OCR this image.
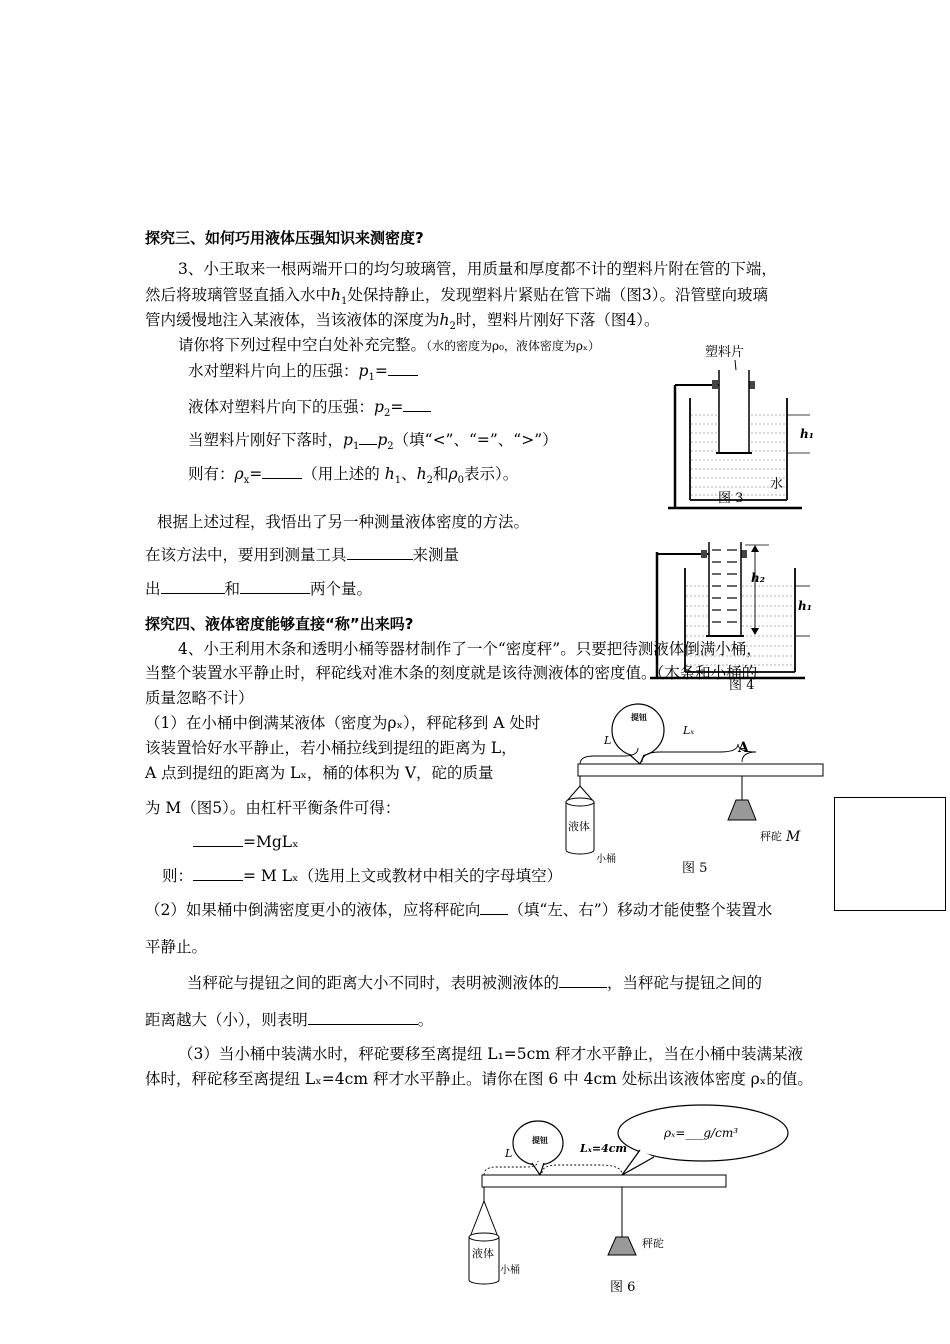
探究三、如何巧用液体压强知识来测密度?
3、小王取来一根两端开口的均匀玻璃管，用质量和厚度都不计的塑料片附在管的下端，
然后将玻璃管竖直插入水中$h_1$处保持静止，发现塑料片紧贴在管下端（图3）。沿管壁向玻璃
管内缓慢地注入某液体，当该液体的深度为$h_2$时，塑料片刚好下落（图4）。
请你将下列过程中空白处补充完整。（水的密度为ρ₀，液体密度为ρₓ）
水对塑料片向上的压强：$p_1=$
液体对塑料片向下的压强：$p_2=$
当塑料片刚好下落时，$p_1$ $p_2$（填“<”、“=”、“>”）
则有：$\rho_x=$	（用上述的 $h_1$、$h_2$和$\rho_0$表示）。
根据上述过程，我悟出了另一种测量液体密度的方法。
在该方法中，要用到测量工具	来测量
出	和	两个量。
塑料片
h₁
水
图 3
h₂
h₁
图 4
探究四、液体密度能够直接“称”出来吗?
4、小王利用木条和透明小桶等器材制作了一个“密度秤”。只要把待测液体倒满小桶，
当整个装置水平静止时，秤砣线对准木条的刻度就是该待测液体的密度值。（木条和小桶的
质量忽略不计）
（1）在小桶中倒满某液体（密度为ρₓ），秤砣移到 A 处时
该装置恰好水平静止，若小桶拉线到提纽的距离为 L，
A 点到提纽的距离为 Lₓ，桶的体积为 V，砣的质量
为 M（图5）。由杠杆平衡条件可得：
=MgLₓ
则：	= M Lₓ（选用上文或教材中相关的字母填空）
提钮
L
Lₓ
A
液体
小桶
秤砣 M
图 5
（2）如果桶中倒满密度更小的液体，应将秤砣向 （填“左、右”）移动才能使整个装置水
平静止。
当秤砣与提钮之间的距离大小不同时，表明被测液体的	，当秤砣与提钮之间的
距离越大（小），则表明	。
（3）当小桶中装满水时，秤砣要移至离提纽 L₁=5cm 秤才水平静止，当在小桶中装满某液
体时，秤砣移至离提纽 Lₓ=4cm 秤才水平静止。请你在图 6 中 4cm 处标出该液体密度 ρₓ的值。
ρₓ=___g/cm³
提钮
L	Lₓ=4cm
液体
小桶
秤砣
图 6
